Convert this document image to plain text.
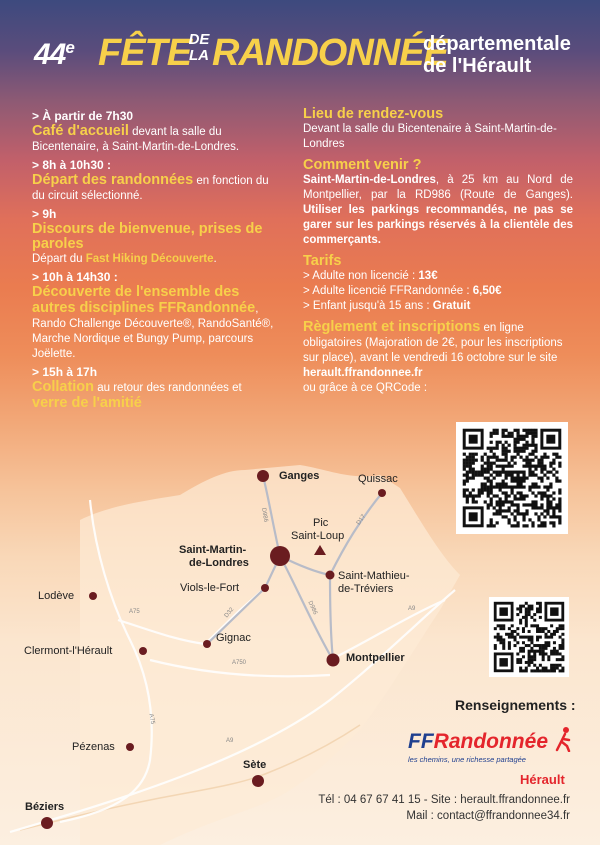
Ganges	Quissac
Pic
Saint-Loup
Saint-Martin-
de-Londres
Saint-Mathieu-
de-Tréviers
Viols-le-Fort
Lodève
Gignac
Clermont-l'Hérault
Montpellier
Pézenas
Sète
Béziers
D986	D17
D32	D986
A75	A9
A750
A75
A9
44e FÊTE
DE
LA RANDONNÉE
départementale
de l'Hérault
> À partir de 7h30
Café d'accueil devant la salle du Bicentenaire, à Saint-Martin-de-Londres.
> 8h à 10h30 :
Départ des randonnées en fonction du du circuit sélectionné.
> 9h
Discours de bienvenue, prises de paroles
Départ du Fast Hiking Découverte.
> 10h à 14h30 :
Découverte de l'ensemble des autres disciplines FFRandonnée, Rando Challenge Découverte®, RandoSanté®, Marche Nordique et Bungy Pump, parcours Joëlette.
> 15h à 17h
Collation au retour des randonnées et verre de l'amitié
Lieu de rendez-vous
Devant la salle du Bicentenaire à Saint-Martin-de-Londres
Comment venir ?
Saint-Martin-de-Londres, à 25 km au Nord de Montpellier, par la RD986 (Route de Ganges). Utiliser les parkings recommandés, ne pas se garer sur les parkings réservés à la clientèle des commerçants.
Tarifs
> Adulte non licencié : 13€
> Adulte licencié FFRandonnée : 6,50€
> Enfant jusqu'à 15 ans : Gratuit
Règlement et inscriptions en ligne obligatoires (Majoration de 2€, pour les inscriptions sur place), avant le vendredi 16 octobre sur le site herault.ffrandonnee.fr
ou grâce à ce QRCode :
Renseignements :
FFRandonnée
les chemins, une richesse partagée
Hérault
Tél : 04 67 67 41 15 - Site : herault.ffrandonnee.fr
Mail : contact@ffrandonnee34.fr
